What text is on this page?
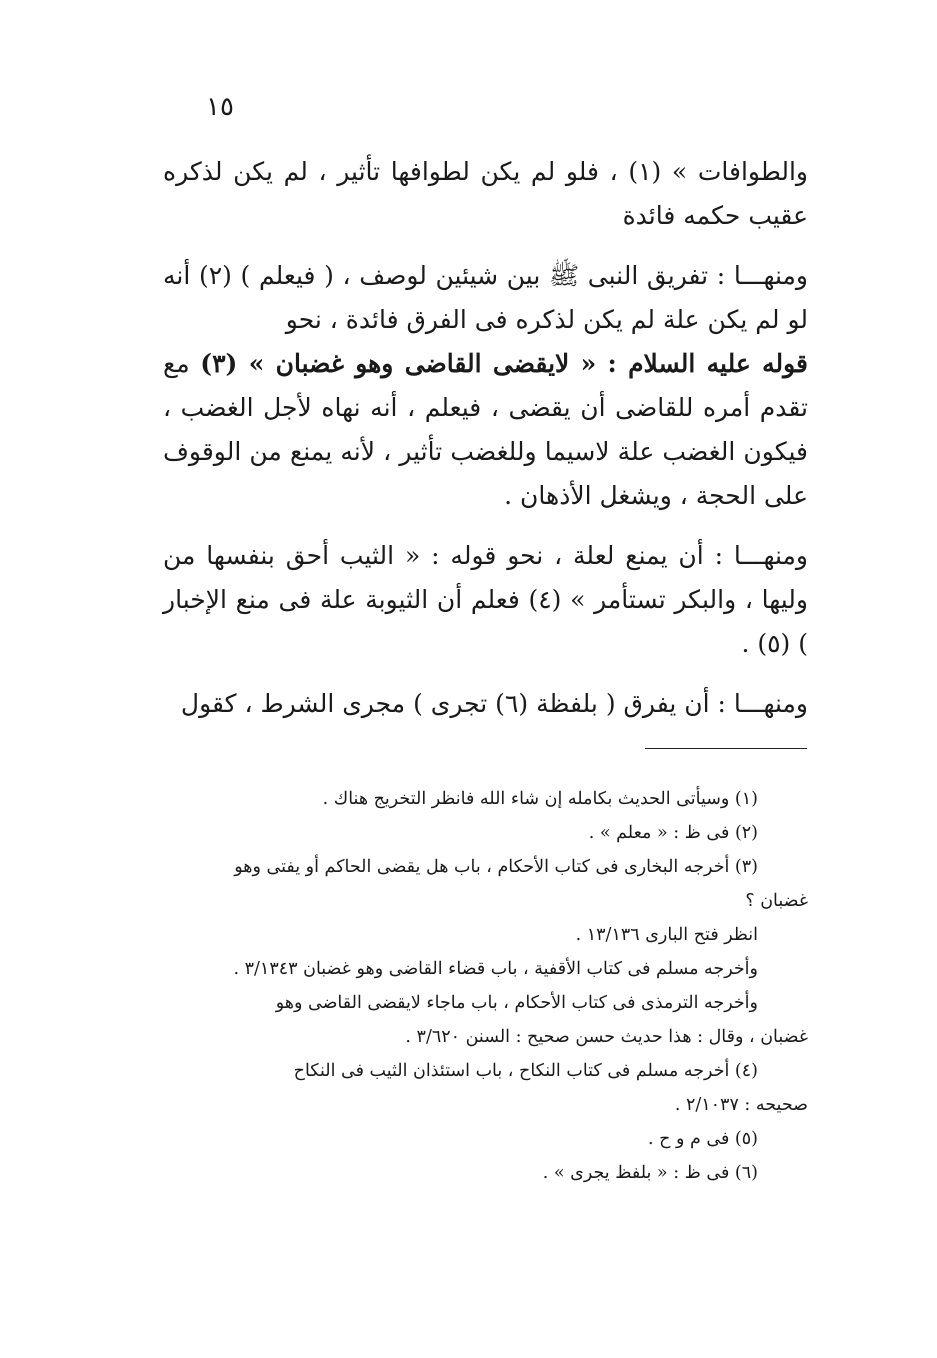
١٥

والطوافات » (١) ، فلو لم يكن لطوافها تأثير ، لم يكن لذكره عقيب حكمه فائدة

ومنهـــا : تفريق النبى ﷺ بين شيئين لوصف ، ( فيعلم ) (٢) أنه لو لم يكن علة لم يكن لذكره فى الفرق فائدة ، نحو

قوله عليه السلام : « لايقضى القاضى وهو غضبان » (٣) مع تقدم أمره للقاضى أن يقضى ، فيعلم ، أنه نهاه لأجل الغضب ، فيكون الغضب علة لاسيما وللغضب تأثير ، لأنه يمنع من الوقوف على الحجة ، ويشغل الأذهان .

ومنهـــا : أن يمنع لعلة ، نحو قوله : « الثيب أحق بنفسها من وليها ، والبكر تستأمر » (٤) فعلم أن الثيوبة علة فى منع الإخبار ) (٥) .

ومنهـــا : أن يفرق ( بلفظة (٦) تجرى ) مجرى الشرط ، كقول

(١) وسيأتى الحديث بكامله إن شاء الله فانظر التخريج هناك .

(٢) فى ظ : « معلم » .

(٣) أخرجه البخارى فى كتاب الأحكام ، باب هل يقضى الحاكم أو يفتى وهو

غضبان ؟

انظر فتح البارى ١٣/١٣٦ .

وأخرجه مسلم فى كتاب الأقفية ، باب قضاء القاضى وهو غضبان ٣/١٣٤٣ .

وأخرجه الترمذى فى كتاب الأحكام ، باب ماجاء لايقضى القاضى وهو

غضبان ، وقال : هذا حديث حسن صحيح : السنن ٣/٦٢٠ .

(٤) أخرجه مسلم فى كتاب النكاح ، باب استئذان الثيب فى النكاح

صحيحه : ٢/١٠٣٧ .

(٥) فى م و ح .

(٦) فى ظ : « بلفظ يجرى » .
